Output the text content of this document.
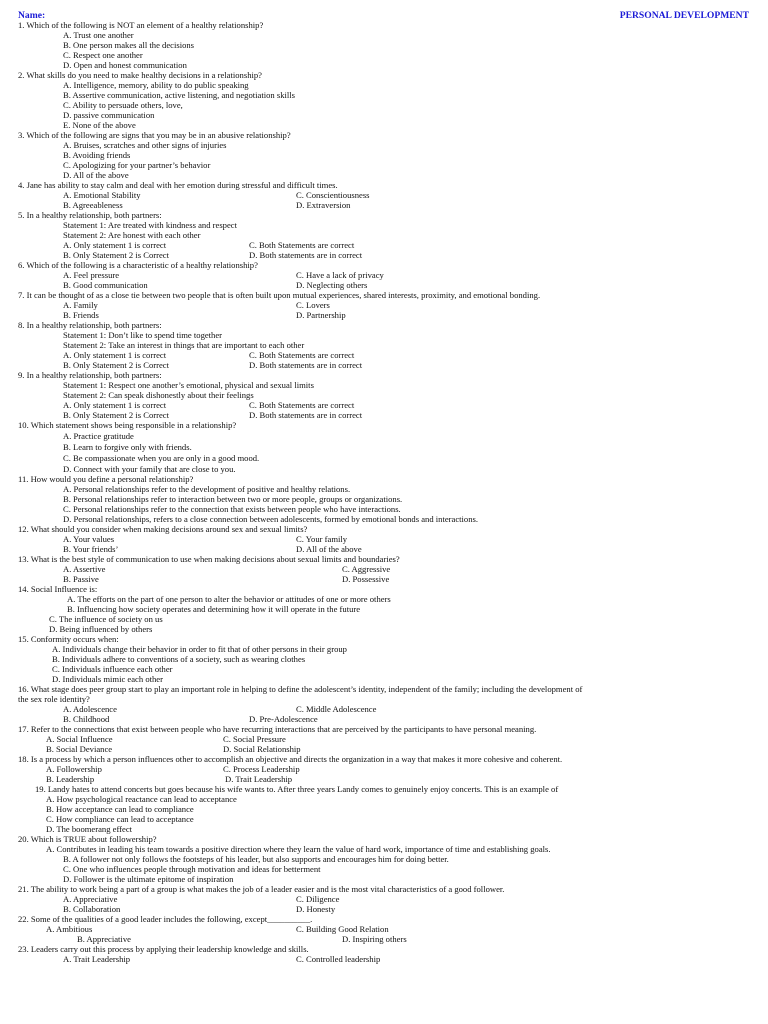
Name:	PERSONAL DEVELOPMENT
1. Which of the following is NOT an element of a healthy relationship?
A. Trust one another
B. One person makes all the decisions
C. Respect one another
D. Open and honest communication
2. What skills do you need to make healthy decisions in a relationship?
A. Intelligence, memory, ability to do public speaking
B. Assertive communication, active listening, and negotiation skills
C. Ability to persuade others, love,
D. passive communication
E. None of the above
3. Which of the following are signs that you may be in an abusive relationship?
A. Bruises, scratches and other signs of injuries
B. Avoiding friends
C. Apologizing for your partner’s behavior
D. All of the above
4. Jane has ability to stay calm and deal with her emotion during stressful and difficult times.
A. Emotional Stability	C. Conscientiousness
B. Agreeableness	D. Extraversion
5. In a healthy relationship, both partners:
Statement 1: Are treated with kindness and respect
Statement 2: Are honest with each other
A. Only statement 1 is correct	C. Both Statements are correct
B. Only Statement 2 is Correct	D. Both statements are in correct
6. Which of the following is a characteristic of a healthy relationship?
A. Feel pressure	C. Have a lack of privacy
B. Good communication	D. Neglecting others
7. It can be thought of as a close tie between two people that is often built upon mutual experiences, shared interests, proximity, and emotional bonding.
A. Family	C. Lovers
B. Friends	D. Partnership
8. In a healthy relationship, both partners:
Statement 1: Don’t like to spend time together
Statement 2: Take an interest in things that are important to each other
A. Only statement 1 is correct	C. Both Statements are correct
B. Only Statement 2 is Correct	D. Both statements are in correct
9. In a healthy relationship, both partners:
Statement 1: Respect one another’s emotional, physical and sexual limits
Statement 2: Can speak dishonestly about their feelings
A. Only statement 1 is correct	C. Both Statements are correct
B. Only Statement 2 is Correct	D. Both statements are in correct
10. Which statement shows being responsible in a relationship?
A. Practice gratitude
B. Learn to forgive only with friends.
C. Be compassionate when you are only in a good mood.
D. Connect with your family that are close to you.
11. How would you define a personal relationship?
A. Personal relationships refer to the development of positive and healthy relations.
B. Personal relationships refer to interaction between two or more people, groups or organizations.
C. Personal relationships refer to the connection that exists between people who have interactions.
D. Personal relationships, refers to a close connection between adolescents, formed by emotional bonds and interactions.
12. What should you consider when making decisions around sex and sexual limits?
A. Your values	C. Your family
B. Your friends’	D. All of the above
13. What is the best style of communication to use when making decisions about sexual limits and boundaries?
A. Assertive	C. Aggressive
B. Passive	D. Possessive
14. Social Influence is:
A. The efforts on the part of one person to alter the behavior or attitudes of one or more others
B. Influencing how society operates and determining how it will operate in the future
C. The influence of society on us
D. Being influenced by others
15. Conformity occurs when:
A. Individuals change their behavior in order to fit that of other persons in their group
B. Individuals adhere to conventions of a society, such as wearing clothes
C. Individuals influence each other
D. Individuals mimic each other
16. What stage does peer group start to play an important role in helping to define the adolescent’s identity, independent of the family; including the development of
the sex role identity?
A. Adolescence	C. Middle Adolescence
B. Childhood	D. Pre-Adolescence
17. Refer to the connections that exist between people who have recurring interactions that are perceived by the participants to have personal meaning.
A. Social Influence	C. Social Pressure
B. Social Deviance	D. Social Relationship
18. Is a process by which a person influences other to accomplish an objective and directs the organization in a way that makes it more cohesive and coherent.
A. Followership	C. Process Leadership
B. Leadership	D. Trait Leadership
19. Landy hates to attend concerts but goes because his wife wants to. After three years Landy comes to genuinely enjoy concerts. This is an example of
A. How psychological reactance can lead to acceptance
B. How acceptance can lead to compliance
C. How compliance can lead to acceptance
D. The boomerang effect
20. Which is TRUE about followership?
A. Contributes in leading his team towards a positive direction where they learn the value of hard work, importance of time and establishing goals.
B. A follower not only follows the footsteps of his leader, but also supports and encourages him for doing better.
C. One who influences people through motivation and ideas for betterment
D. Follower is the ultimate epitome of inspiration
21. The ability to work being a part of a group is what makes the job of a leader easier and is the most vital characteristics of a good follower.
A. Appreciative	C. Diligence
B. Collaboration	D. Honesty
22. Some of the qualities of a good leader includes the following, except__________.
A. Ambitious	C. Building Good Relation
B. Appreciative	D. Inspiring others
23. Leaders carry out this process by applying their leadership knowledge and skills.
A. Trait Leadership	C. Controlled leadership
